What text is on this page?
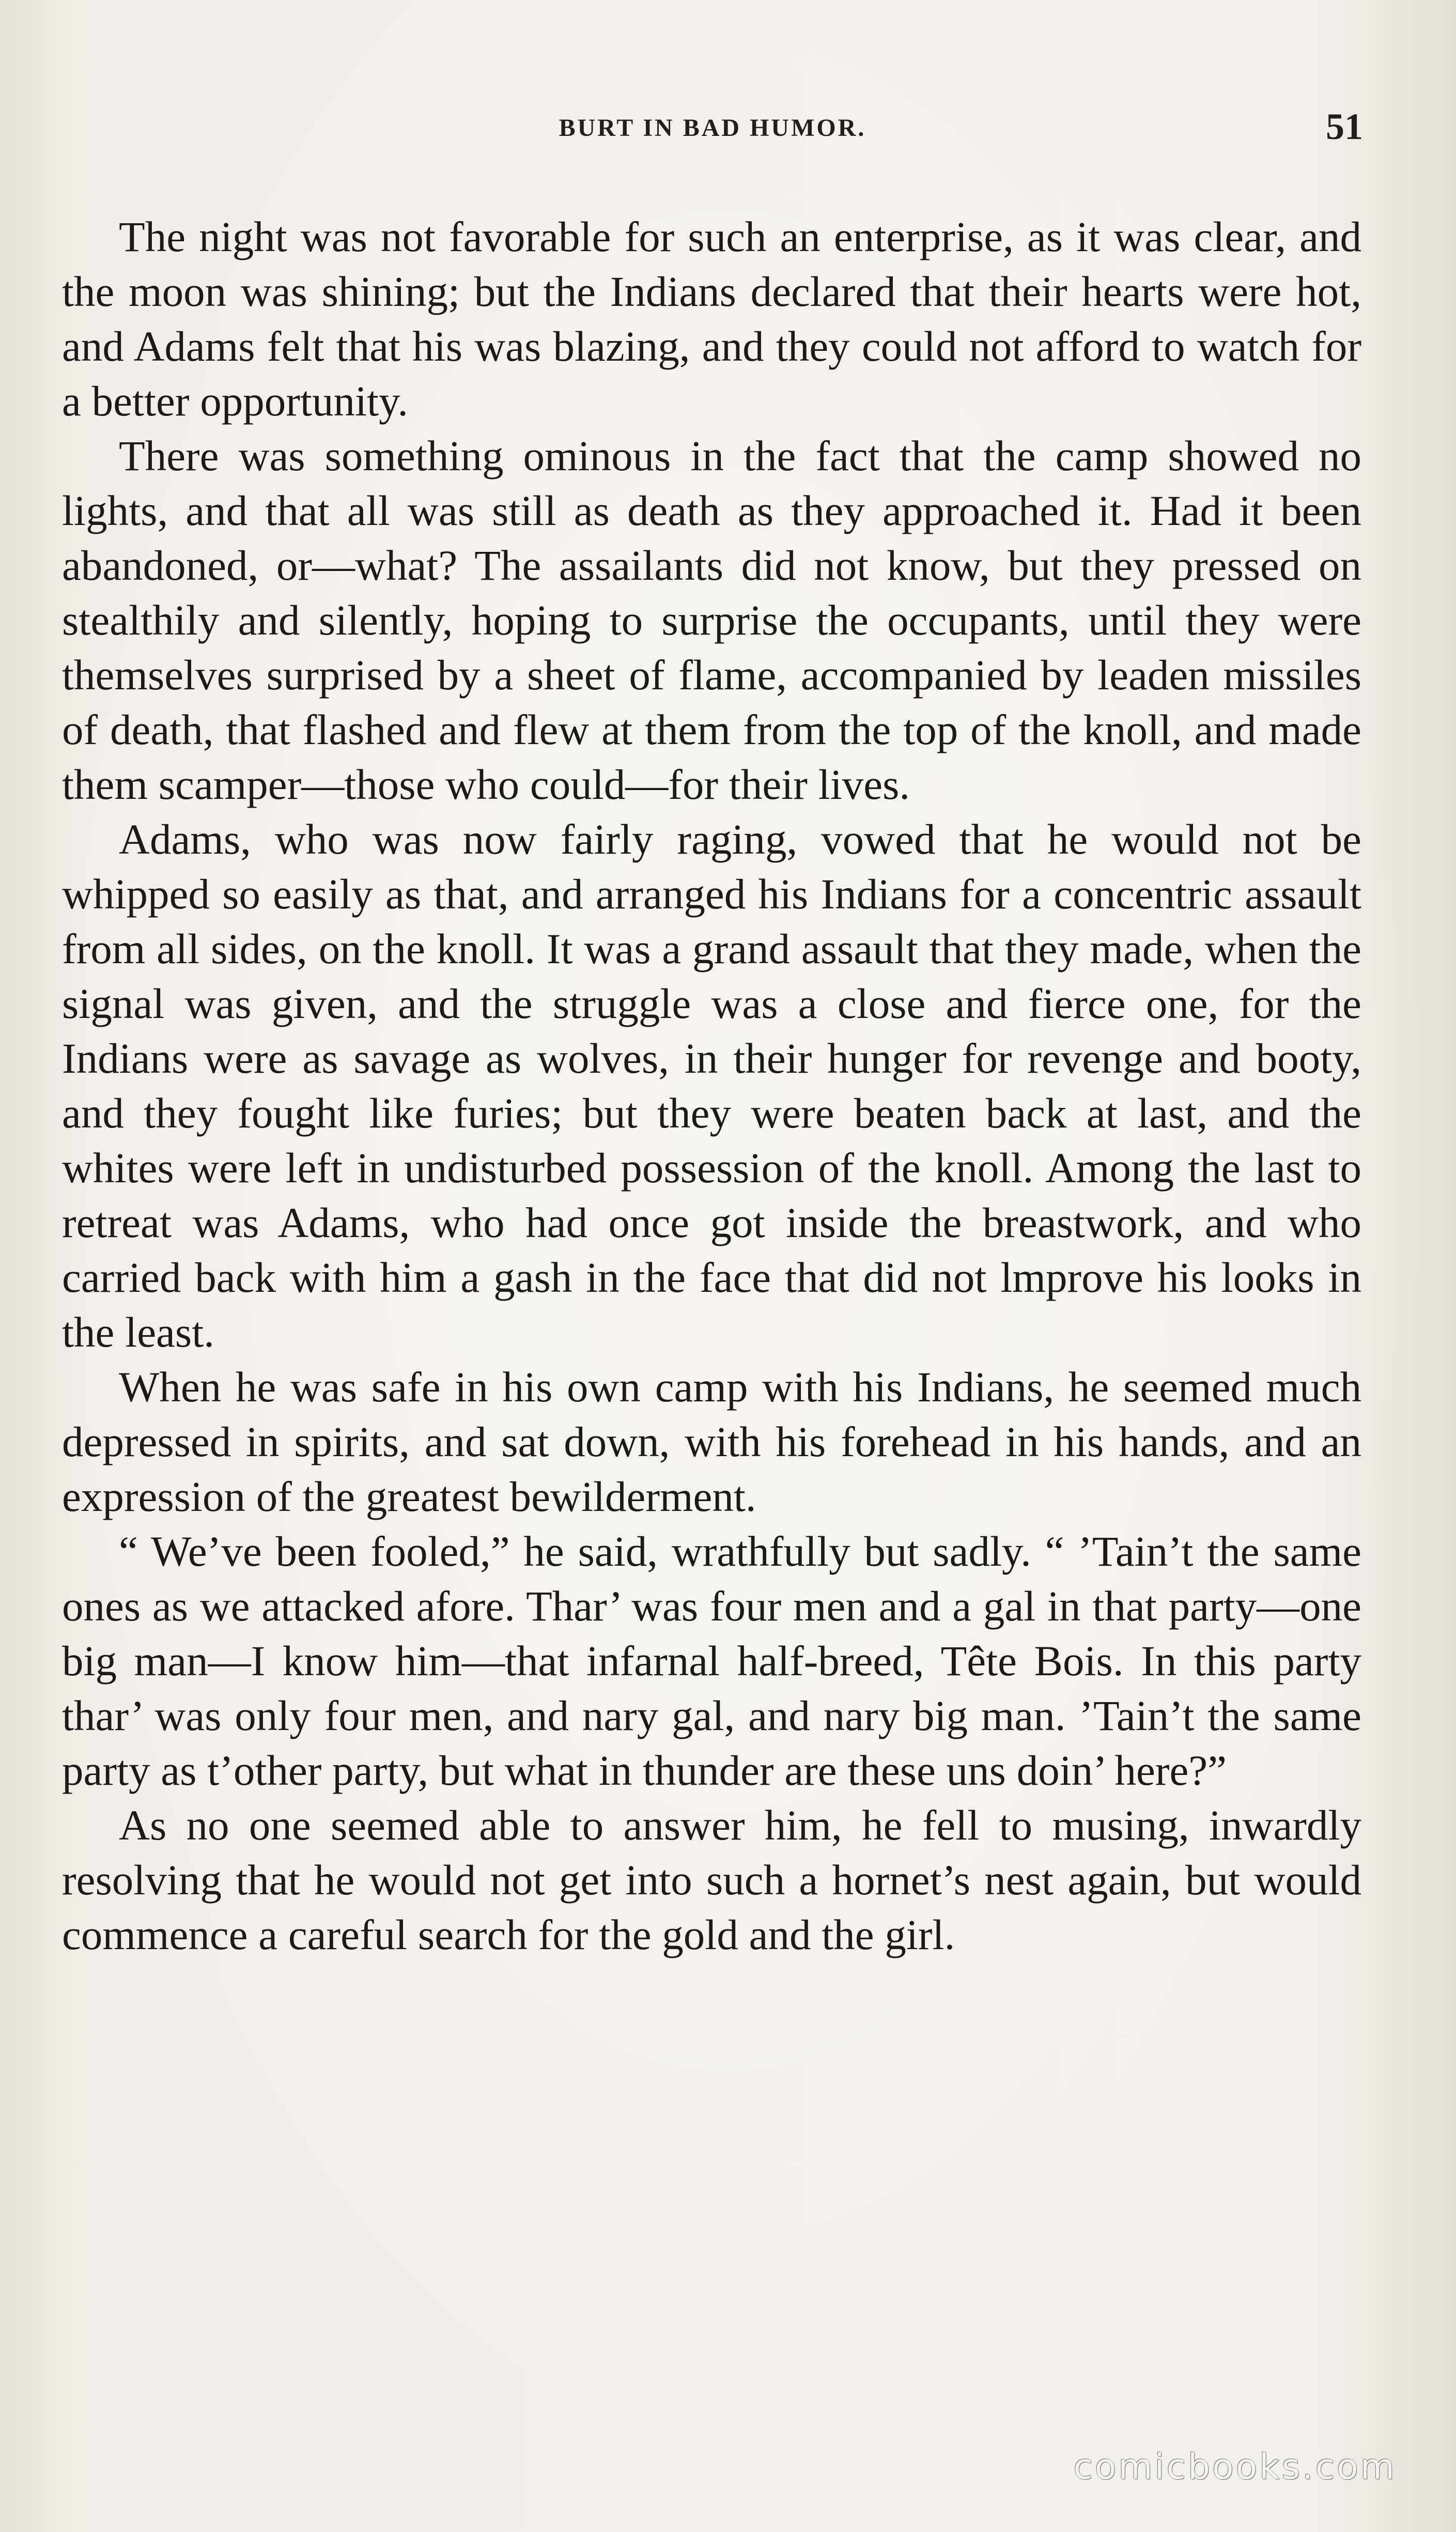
BURT IN BAD HUMOR.	51

The night was not favorable for such an enterprise, as it was clear, and the moon was shining; but the Indians declared that their hearts were hot, and Adams felt that his was blazing, and they could not afford to watch for a better opportunity.

There was something ominous in the fact that the camp showed no lights, and that all was still as death as they approached it. Had it been abandoned, or—what? The assailants did not know, but they pressed on stealthily and silently, hoping to surprise the occupants, until they were themselves surprised by a sheet of flame, accompanied by leaden missiles of death, that flashed and flew at them from the top of the knoll, and made them scamper—those who could—for their lives.

Adams, who was now fairly raging, vowed that he would not be whipped so easily as that, and arranged his Indians for a concentric assault from all sides, on the knoll. It was a grand assault that they made, when the signal was given, and the struggle was a close and fierce one, for the Indians were as savage as wolves, in their hunger for revenge and booty, and they fought like furies; but they were beaten back at last, and the whites were left in undisturbed possession of the knoll. Among the last to retreat was Adams, who had once got inside the breastwork, and who carried back with him a gash in the face that did not lmprove his looks in the least.

When he was safe in his own camp with his Indians, he seemed much depressed in spirits, and sat down, with his forehead in his hands, and an expression of the greatest bewilderment.

“ We’ve been fooled,” he said, wrathfully but sadly. “ ’Tain’t the same ones as we attacked afore. Thar’ was four men and a gal in that party—one big man—I know him—that infarnal half-breed, Tête Bois. In this party thar’ was only four men, and nary gal, and nary big man. ’Tain’t the same party as t’other party, but what in thunder are these uns doin’ here?”

As no one seemed able to answer him, he fell to musing, inwardly resolving that he would not get into such a hornet’s nest again, but would commence a careful search for the gold and the girl.

comicbooks.com
